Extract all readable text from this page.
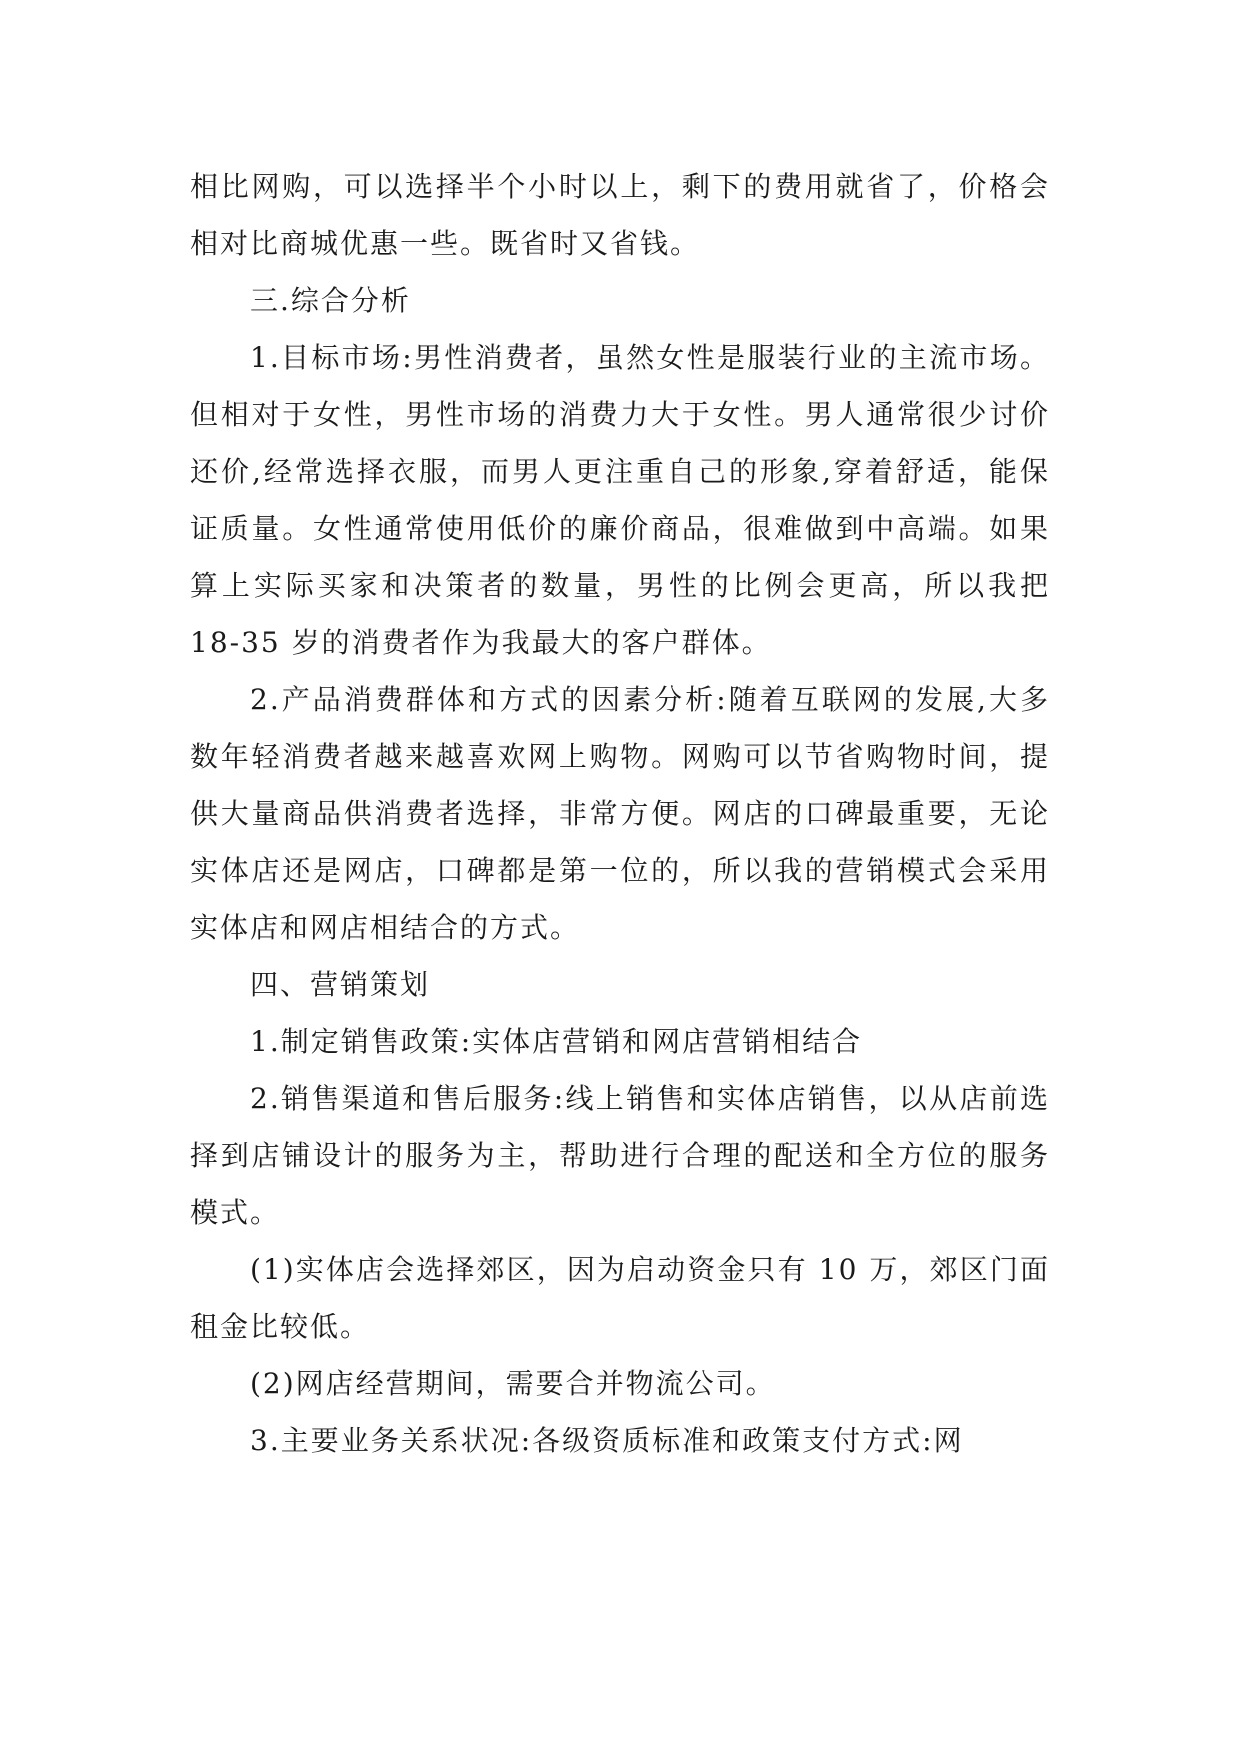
相比网购，可以选择半个小时以上，剩下的费用就省了，价格会相对比商城优惠一些。既省时又省钱。

三.综合分析

1.目标市场:男性消费者，虽然女性是服装行业的主流市场。但相对于女性，男性市场的消费力大于女性。男人通常很少讨价还价,经常选择衣服，而男人更注重自己的形象,穿着舒适，能保证质量。女性通常使用低价的廉价商品，很难做到中高端。如果算上实际买家和决策者的数量，男性的比例会更高，所以我把 18-35 岁的消费者作为我最大的客户群体。

2.产品消费群体和方式的因素分析:随着互联网的发展,大多数年轻消费者越来越喜欢网上购物。网购可以节省购物时间，提供大量商品供消费者选择，非常方便。网店的口碑最重要，无论实体店还是网店，口碑都是第一位的，所以我的营销模式会采用实体店和网店相结合的方式。

四、营销策划

1.制定销售政策:实体店营销和网店营销相结合

2.销售渠道和售后服务:线上销售和实体店销售，以从店前选择到店铺设计的服务为主，帮助进行合理的配送和全方位的服务模式。

(1)实体店会选择郊区，因为启动资金只有 10 万，郊区门面租金比较低。

(2)网店经营期间，需要合并物流公司。

3.主要业务关系状况:各级资质标准和政策支付方式:网
